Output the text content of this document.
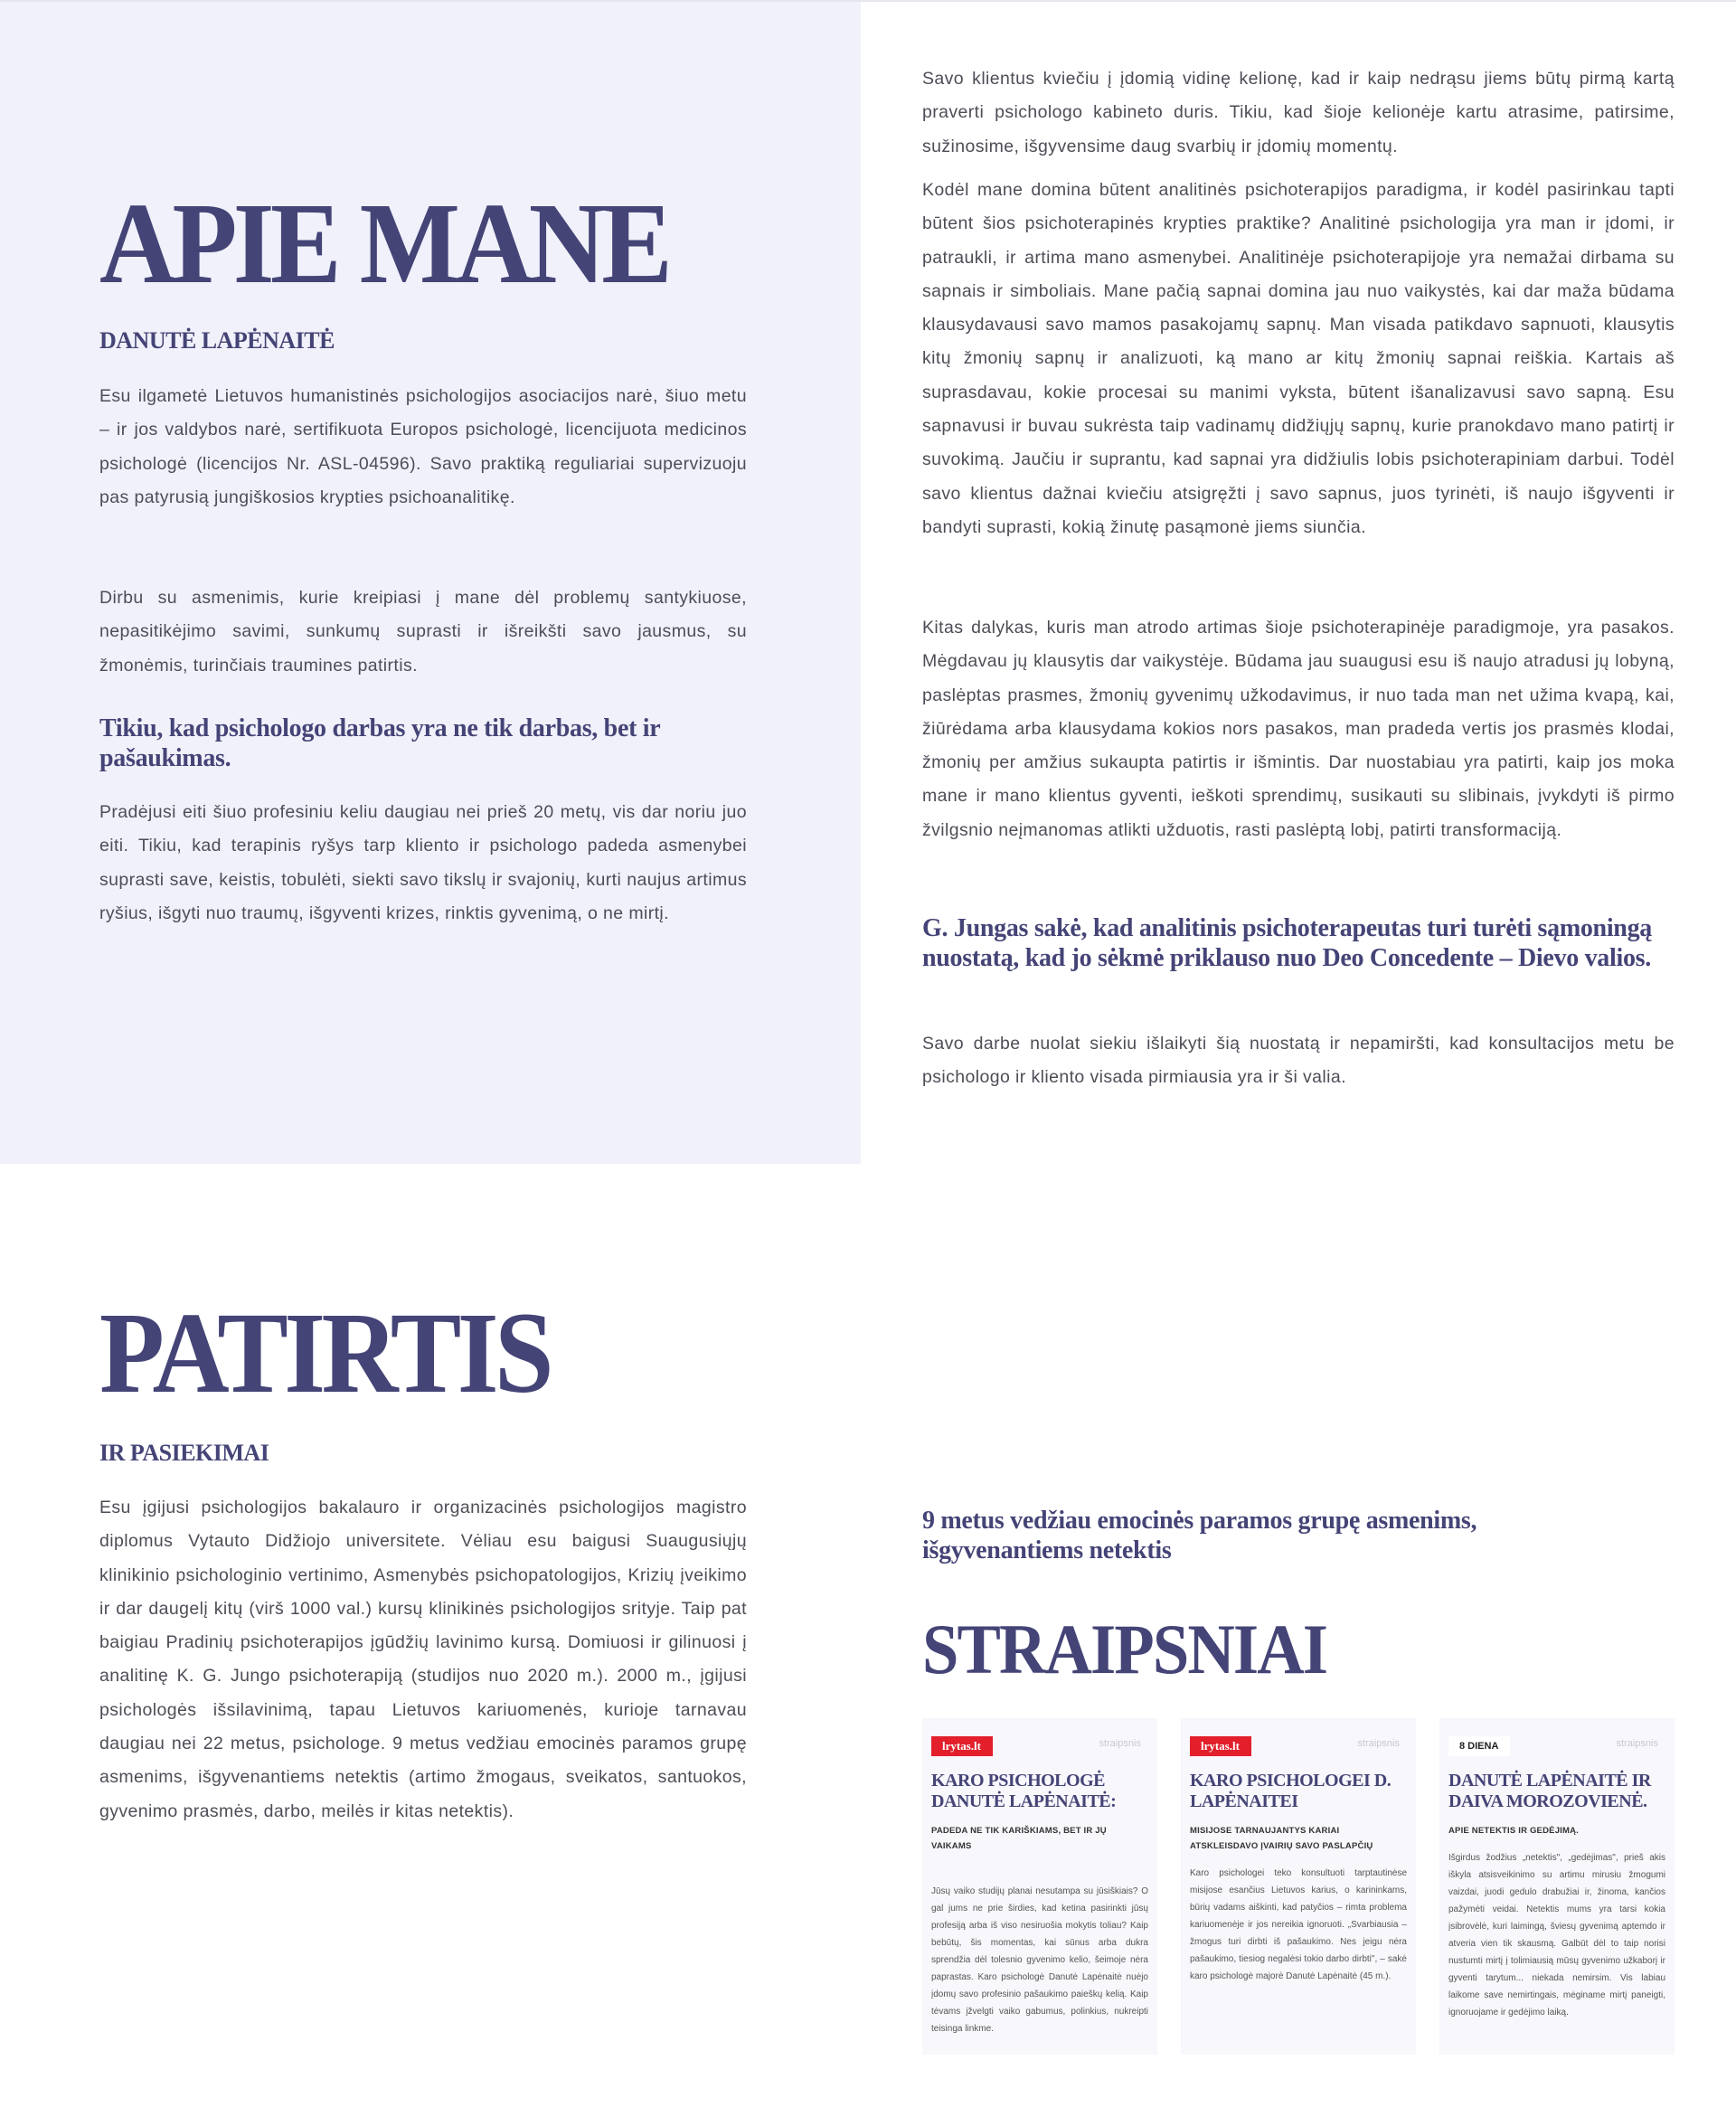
APIE MANE
DANUTĖ LAPĖNAITĖ

Esu ilgametė Lietuvos humanistinės psichologijos asociacijos narė, šiuo metu – ir jos valdybos narė, sertifikuota Europos psichologė, licencijuota medicinos psichologė (licencijos Nr. ASL-04596). Savo praktiką reguliariai supervizuoju pas patyrusią jungiškosios krypties psichoanalitikę.

Dirbu su asmenimis, kurie kreipiasi į mane dėl problemų santykiuose, nepasitikėjimo savimi, sunkumų suprasti ir išreikšti savo jausmus, su žmonėmis, turinčiais traumines patirtis.

Tikiu, kad psichologo darbas yra ne tik darbas, bet ir pašaukimas.

Pradėjusi eiti šiuo profesiniu keliu daugiau nei prieš 20 metų, vis dar noriu juo eiti. Tikiu, kad terapinis ryšys tarp kliento ir psichologo padeda asmenybei suprasti save, keistis, tobulėti, siekti savo tikslų ir svajonių, kurti naujus artimus ryšius, išgyti nuo traumų, išgyventi krizes, rinktis gyvenimą, o ne mirtį.

Savo klientus kviečiu į įdomią vidinę kelionę, kad ir kaip nedrąsu jiems būtų pirmą kartą praverti psichologo kabineto duris. Tikiu, kad šioje kelionėje kartu atrasime, patirsime, sužinosime, išgyvensime daug svarbių ir įdomių momentų.

Kodėl mane domina būtent analitinės psichoterapijos paradigma, ir kodėl pasirinkau tapti būtent šios psichoterapinės krypties praktike? Analitinė psichologija yra man ir įdomi, ir patraukli, ir artima mano asmenybei. Analitinėje psichoterapijoje yra nemažai dirbama su sapnais ir simboliais. Mane pačią sapnai domina jau nuo vaikystės, kai dar maža būdama klausydavausi savo mamos pasakojamų sapnų. Man visada patikdavo sapnuoti, klausytis kitų žmonių sapnų ir analizuoti, ką mano ar kitų žmonių sapnai reiškia. Kartais aš suprasdavau, kokie procesai su manimi vyksta, būtent išanalizavusi savo sapną. Esu sapnavusi ir buvau sukrėsta taip vadinamų didžiųjų sapnų, kurie pranokdavo mano patirtį ir suvokimą. Jaučiu ir suprantu, kad sapnai yra didžiulis lobis psichoterapiniam darbui. Todėl savo klientus dažnai kviečiu atsigręžti į savo sapnus, juos tyrinėti, iš naujo išgyventi ir bandyti suprasti, kokią žinutę pasąmonė jiems siunčia.

Kitas dalykas, kuris man atrodo artimas šioje psichoterapinėje paradigmoje, yra pasakos. Mėgdavau jų klausytis dar vaikystėje. Būdama jau suaugusi esu iš naujo atradusi jų lobyną, paslėptas prasmes, žmonių gyvenimų užkodavimus, ir nuo tada man net užima kvapą, kai, žiūrėdama arba klausydama kokios nors pasakos, man pradeda vertis jos prasmės klodai, žmonių per amžius sukaupta patirtis ir išmintis. Dar nuostabiau yra patirti, kaip jos moka mane ir mano klientus gyventi, ieškoti sprendimų, susikauti su slibinais, įvykdyti iš pirmo žvilgsnio neįmanomas atlikti užduotis, rasti paslėptą lobį, patirti transformaciją.

G. Jungas sakė, kad analitinis psichoterapeutas turi turėti sąmoningą nuostatą, kad jo sėkmė priklauso nuo Deo Concedente – Dievo valios.

Savo darbe nuolat siekiu išlaikyti šią nuostatą ir nepamiršti, kad konsultacijos metu be psichologo ir kliento visada pirmiausia yra ir ši valia.

PATIRTIS
IR PASIEKIMAI

Esu įgijusi psichologijos bakalauro ir organizacinės psichologijos magistro diplomus Vytauto Didžiojo universitete. Vėliau esu baigusi Suaugusiųjų klinikinio psichologinio vertinimo, Asmenybės psichopatologijos, Krizių įveikimo ir dar daugelį kitų (virš 1000 val.) kursų klinikinės psichologijos srityje. Taip pat baigiau Pradinių psichoterapijos įgūdžių lavinimo kursą. Domiuosi ir gilinuosi į analitinę K. G. Jungo psichoterapiją (studijos nuo 2020 m.). 2000 m., įgijusi psichologės išsilavinimą, tapau Lietuvos kariuomenės, kurioje tarnavau daugiau nei 22 metus, psichologe. 9 metus vedžiau emocinės paramos grupę asmenims, išgyvenantiems netektis (artimo žmogaus, sveikatos, santuokos, gyvenimo prasmės, darbo, meilės ir kitas netektis).

9 metus vedžiau emocinės paramos grupę asmenims, išgyvenantiems netektis
STRAIPSNIAI
lrytas.lt	straipsnis
KARO PSICHOLOGĖ DANUTĖ LAPĖNAITĖ:
PADEDA NE TIK KARIŠKIAMS, BET IR JŲ VAIKAMS
Jūsų vaiko studijų planai nesutampa su jūsiškiais? O gal jums ne prie širdies, kad ketina pasirinkti jūsų profesiją arba iš viso nesiruošia mokytis toliau? Kaip bebūtų, šis momentas, kai sūnus arba dukra sprendžia dėl tolesnio gyvenimo kelio, šeimoje nėra paprastas. Karo psichologė Danutė Lapėnaitė nuėjo įdomų savo profesinio pašaukimo paieškų kelią. Kaip tėvams įžvelgti vaiko gabumus, polinkius, nukreipti teisinga linkme.
lrytas.lt	straipsnis
KARO PSICHOLOGEI D. LAPĖNAITEI
MISIJOSE TARNAUJANTYS KARIAI ATSKLEISDAVO ĮVAIRIŲ SAVO PASLAPČIŲ
Karo psichologei teko konsultuoti tarptautinėse misijose esančius Lietuvos karius, o karininkams, būrių vadams aiškinti, kad patyčios – rimta problema kariuomenėje ir jos nereikia ignoruoti. „Svarbiausia – žmogus turi dirbti iš pašaukimo. Nes jeigu nėra pašaukimo, tiesiog negalėsi tokio darbo dirbti", – sakė karo psichologė majorė Danutė Lapėnaitė (45 m.).
8 DIENA	straipsnis
DANUTĖ LAPĖNAITĖ IR DAIVA MOROZOVIENĖ.
APIE NETEKTIS IR GEDĖJIMĄ.
Išgirdus žodžius „netektis", „gedėjimas", prieš akis iškyla atsisveikinimo su artimu mirusiu žmogumi vaizdai, juodi gedulo drabužiai ir, žinoma, kančios pažymėti veidai. Netektis mums yra tarsi kokia įsibrovėlė, kuri laimingą, šviesų gyvenimą aptemdo ir atveria vien tik skausmą. Galbūt dėl to taip norisi nustumti mirtį į tolimiausią mūsų gyvenimo užkaborį ir gyventi tarytum... niekada nemirsim. Vis labiau laikome save nemirtingais, mėginame mirtį paneigti, ignoruojame ir gedėjimo laiką.
